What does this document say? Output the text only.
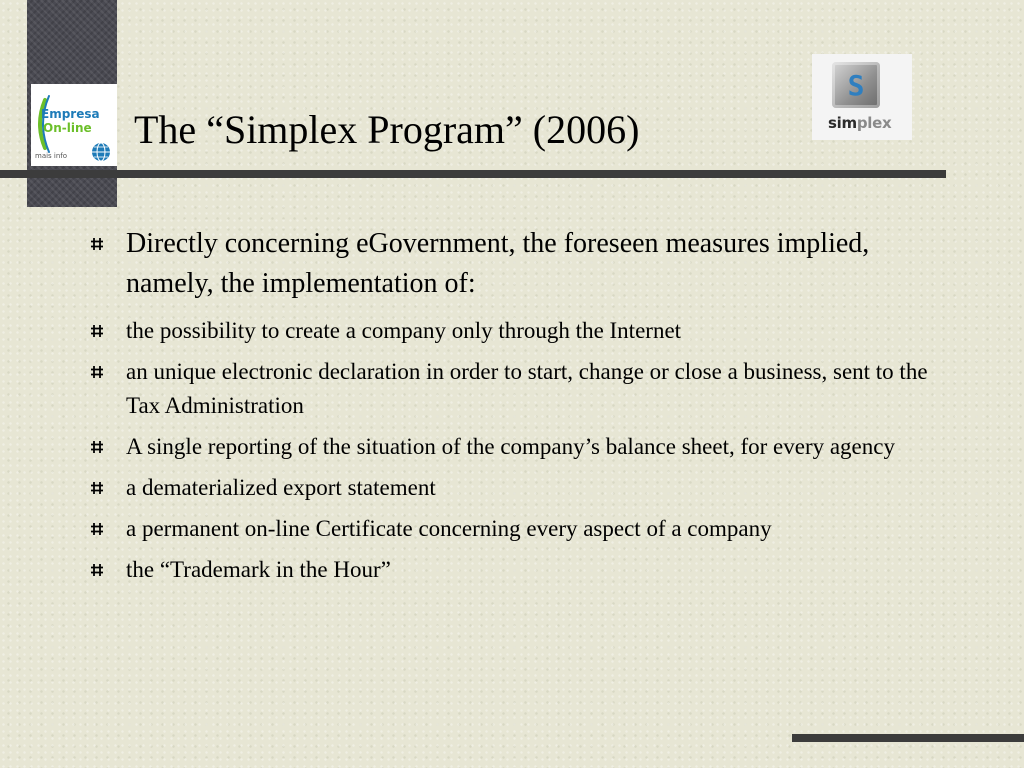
Empresa
On-line
mais info
The “Simplex Program” (2006)
S
simplex
Directly concerning eGovernment, the foreseen measures implied, namely, the implementation of:
the possibility to create a company only through the Internet
an unique electronic declaration in order to start, change or close a business, sent to the Tax Administration
A single reporting of the situation of the company’s balance sheet, for every agency
a dematerialized export statement
a permanent on-line Certificate concerning every aspect of a company
the “Trademark in the Hour”
